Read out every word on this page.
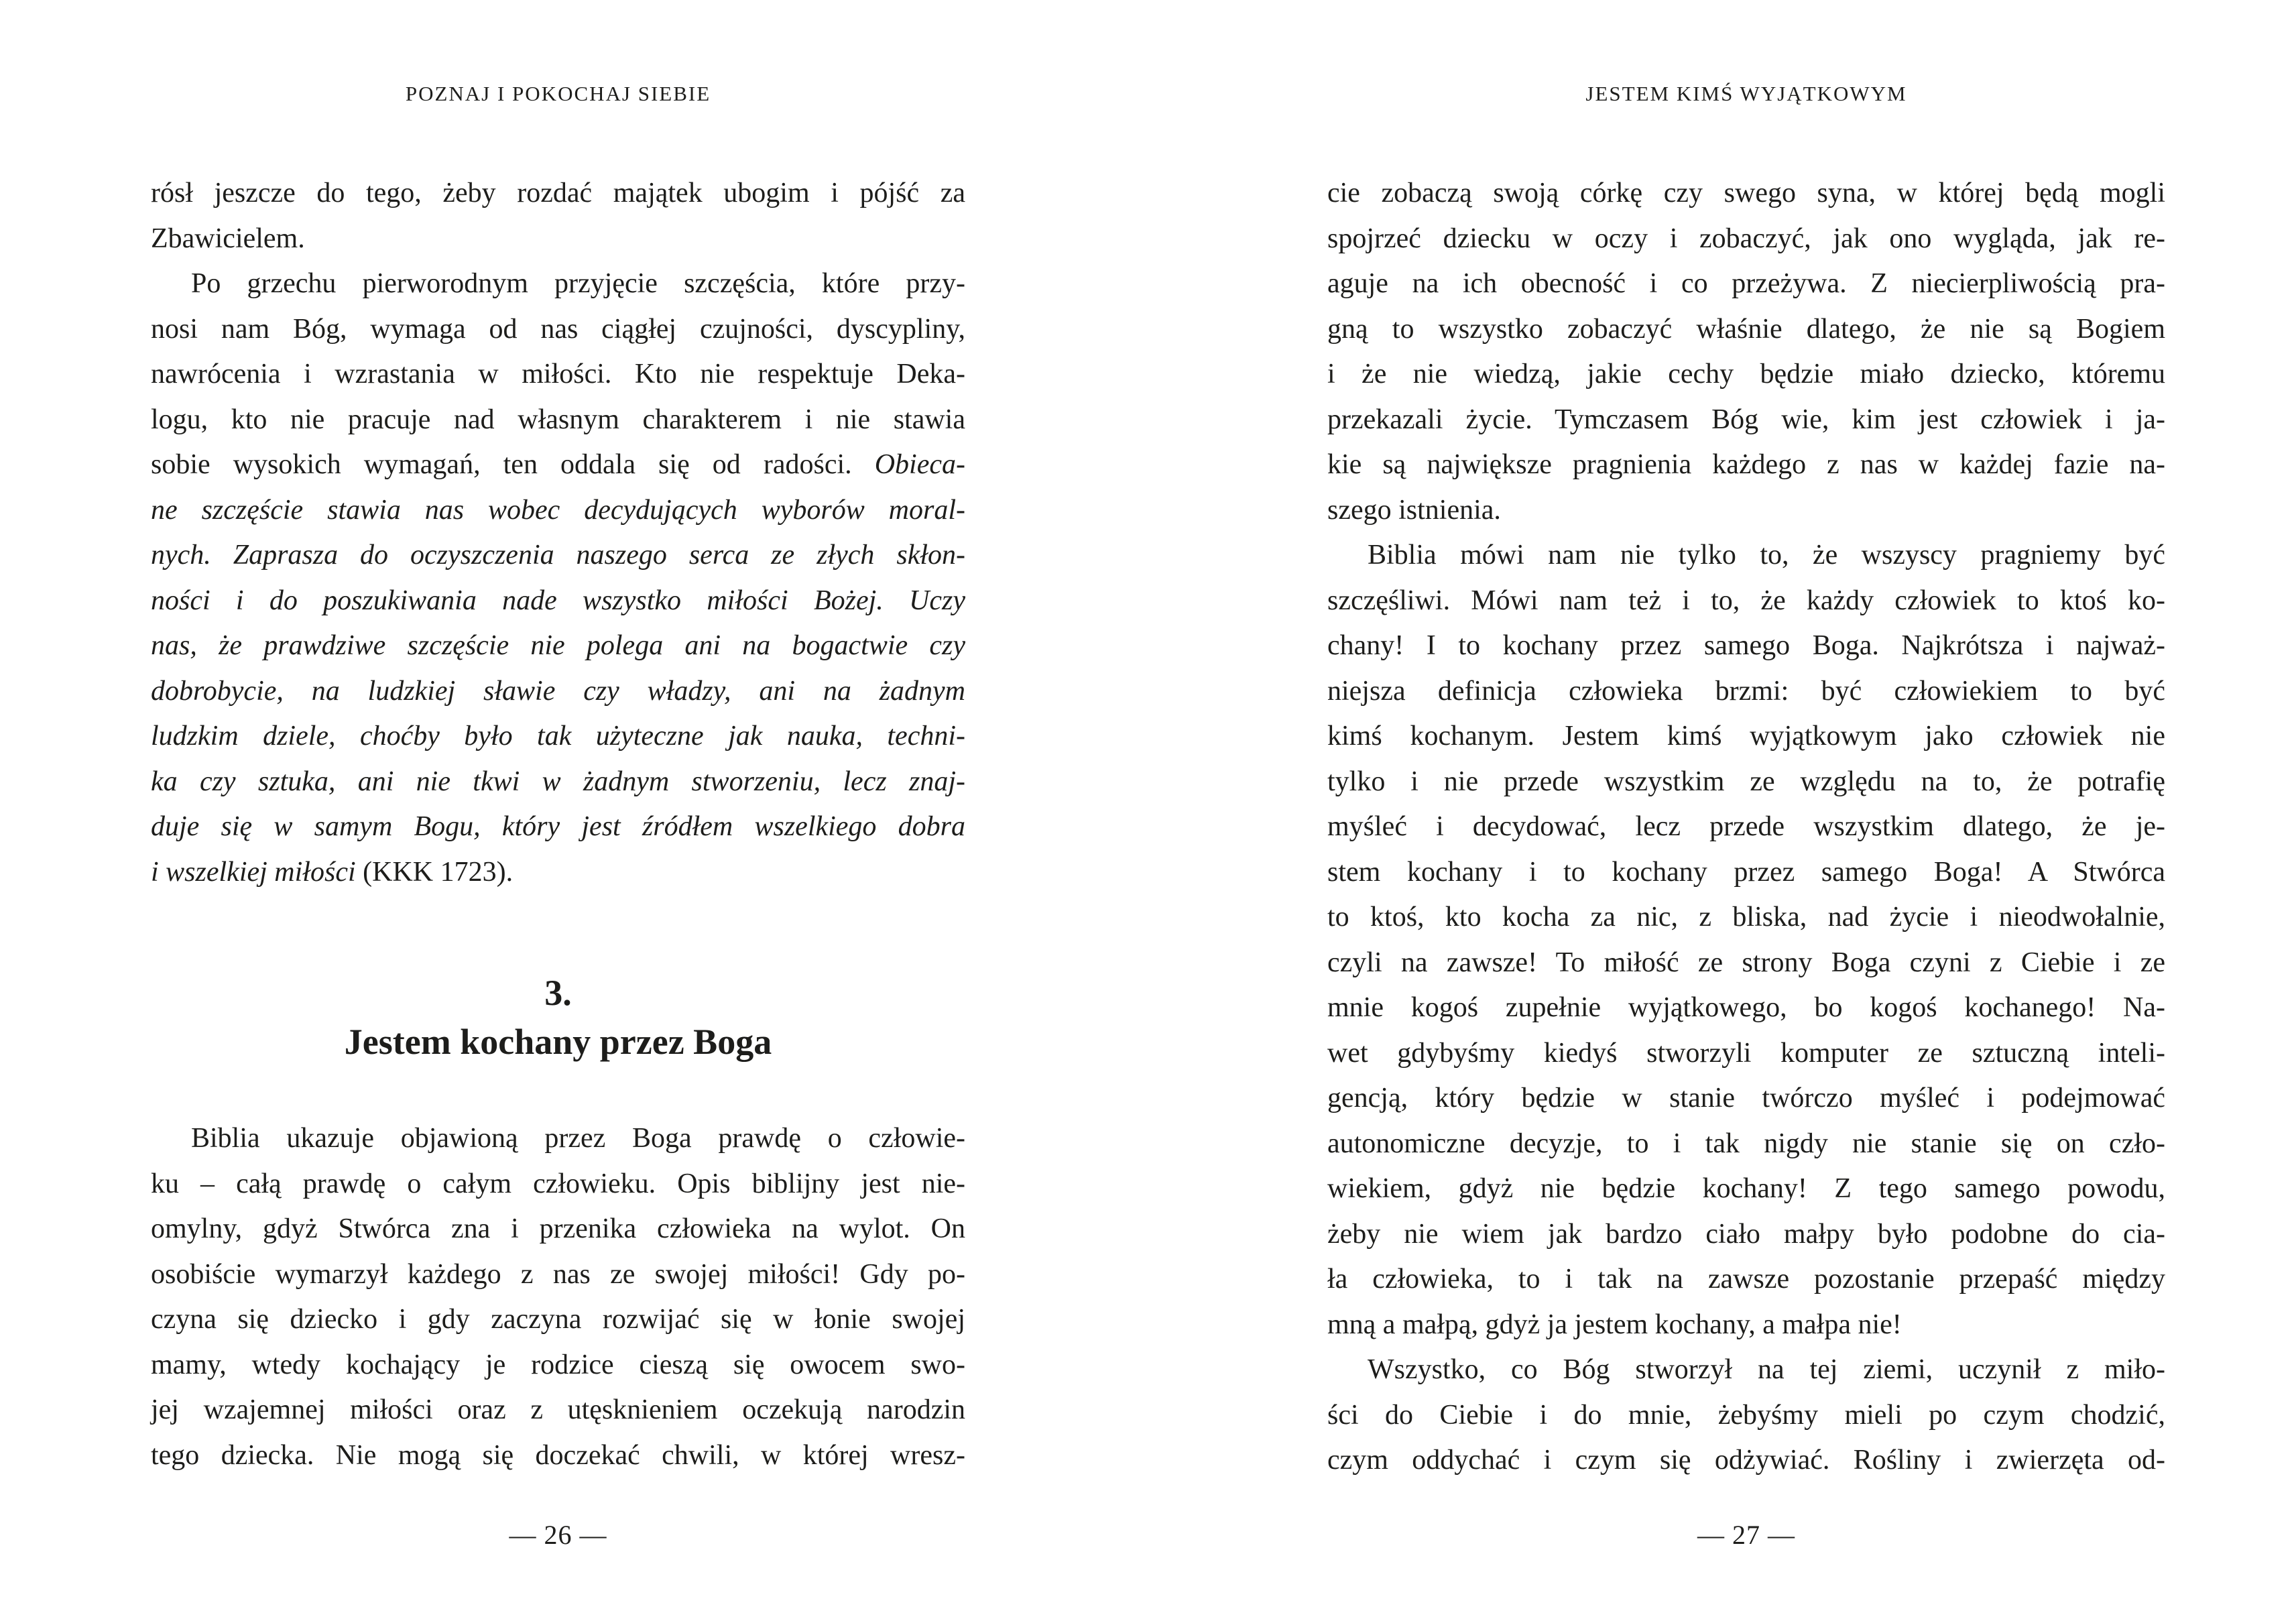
POZNAJ I POKOCHAJ SIEBIE
rósł jeszcze do tego, żeby rozdać majątek ubogim i pójść za
Zbawicielem.
Po grzechu pierworodnym przyjęcie szczęścia, które przy-
nosi nam Bóg, wymaga od nas ciągłej czujności, dyscypliny,
nawrócenia i wzrastania w miłości. Kto nie respektuje Deka-
logu, kto nie pracuje nad własnym charakterem i nie stawia
sobie wysokich wymagań, ten oddala się od radości. Obieca-
ne szczęście stawia nas wobec decydujących wyborów moral-
nych. Zaprasza do oczyszczenia naszego serca ze złych skłon-
ności i do poszukiwania nade wszystko miłości Bożej. Uczy
nas, że prawdziwe szczęście nie polega ani na bogactwie czy
dobrobycie, na ludzkiej sławie czy władzy, ani na żadnym
ludzkim dziele, choćby było tak użyteczne jak nauka, techni-
ka czy sztuka, ani nie tkwi w żadnym stworzeniu, lecz znaj-
duje się w samym Bogu, który jest źródłem wszelkiego dobra
i wszelkiej miłości (KKK 1723).
3.
Jestem kochany przez Boga
Biblia ukazuje objawioną przez Boga prawdę o człowie-
ku – całą prawdę o całym człowieku. Opis biblijny jest nie-
omylny, gdyż Stwórca zna i przenika człowieka na wylot. On
osobiście wymarzył każdego z nas ze swojej miłości! Gdy po-
czyna się dziecko i gdy zaczyna rozwijać się w łonie swojej
mamy, wtedy kochający je rodzice cieszą się owocem swo-
jej wzajemnej miłości oraz z utęsknieniem oczekują narodzin
tego dziecka. Nie mogą się doczekać chwili, w której wresz-
— 26 —
JESTEM KIMŚ WYJĄTKOWYM
cie zobaczą swoją córkę czy swego syna, w której będą mogli
spojrzeć dziecku w oczy i zobaczyć, jak ono wygląda, jak re-
aguje na ich obecność i co przeżywa. Z niecierpliwością pra-
gną to wszystko zobaczyć właśnie dlatego, że nie są Bogiem
i że nie wiedzą, jakie cechy będzie miało dziecko, któremu
przekazali życie. Tymczasem Bóg wie, kim jest człowiek i ja-
kie są największe pragnienia każdego z nas w każdej fazie na-
szego istnienia.
Biblia mówi nam nie tylko to, że wszyscy pragniemy być
szczęśliwi. Mówi nam też i to, że każdy człowiek to ktoś ko-
chany! I to kochany przez samego Boga. Najkrótsza i najważ-
niejsza definicja człowieka brzmi: być człowiekiem to być
kimś kochanym. Jestem kimś wyjątkowym jako człowiek nie
tylko i nie przede wszystkim ze względu na to, że potrafię
myśleć i decydować, lecz przede wszystkim dlatego, że je-
stem kochany i to kochany przez samego Boga! A Stwórca
to ktoś, kto kocha za nic, z bliska, nad życie i nieodwołalnie,
czyli na zawsze! To miłość ze strony Boga czyni z Ciebie i ze
mnie kogoś zupełnie wyjątkowego, bo kogoś kochanego! Na-
wet gdybyśmy kiedyś stworzyli komputer ze sztuczną inteli-
gencją, który będzie w stanie twórczo myśleć i podejmować
autonomiczne decyzje, to i tak nigdy nie stanie się on czło-
wiekiem, gdyż nie będzie kochany! Z tego samego powodu,
żeby nie wiem jak bardzo ciało małpy było podobne do cia-
ła człowieka, to i tak na zawsze pozostanie przepaść między
mną a małpą, gdyż ja jestem kochany, a małpa nie!
Wszystko, co Bóg stworzył na tej ziemi, uczynił z miło-
ści do Ciebie i do mnie, żebyśmy mieli po czym chodzić,
czym oddychać i czym się odżywiać. Rośliny i zwierzęta od-
— 27 —
